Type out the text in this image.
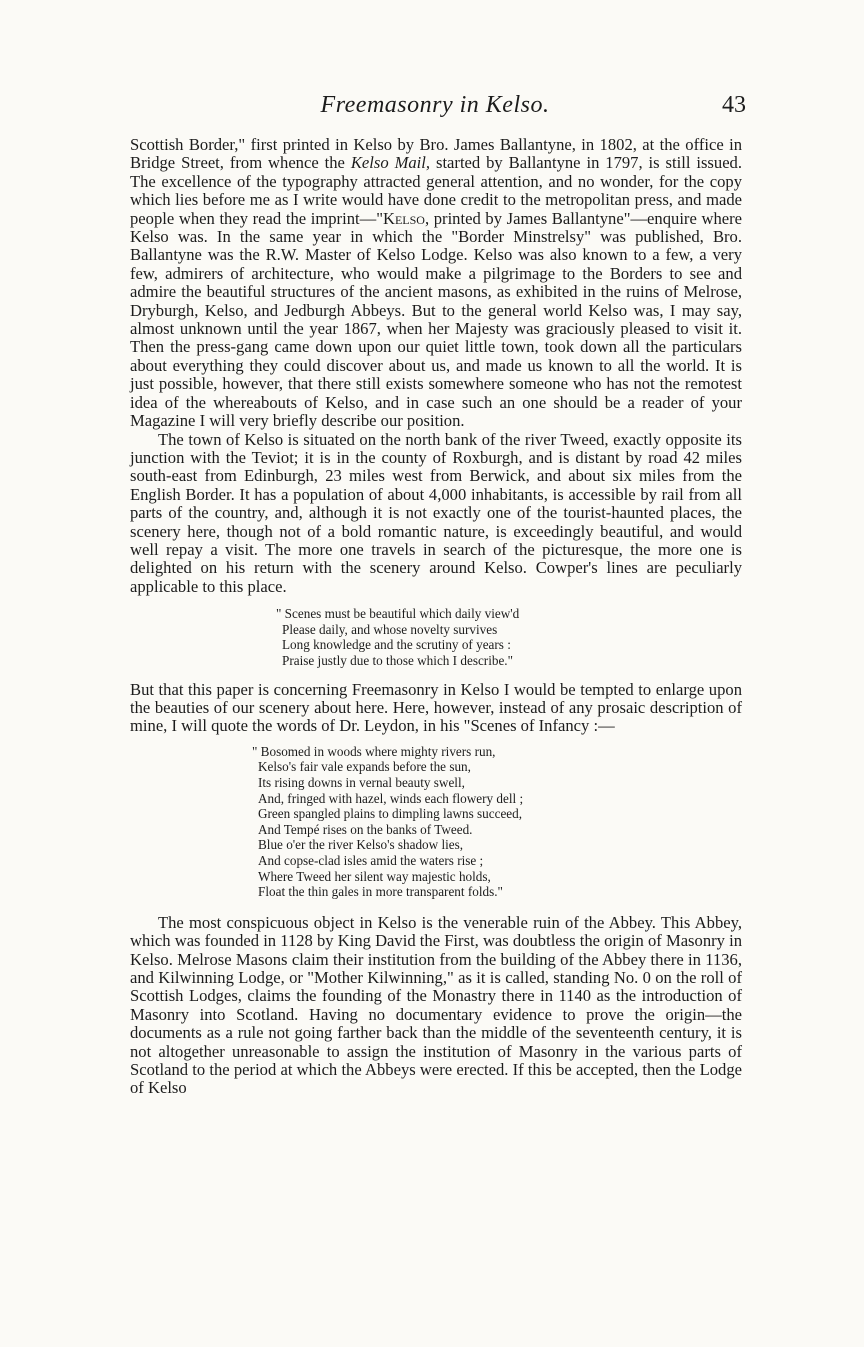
Freemasonry in Kelso.	43

Scottish Border," first printed in Kelso by Bro. James Ballantyne, in 1802, at the office in Bridge Street, from whence the Kelso Mail, started by Ballantyne in 1797, is still issued. The excellence of the typography attracted general attention, and no wonder, for the copy which lies before me as I write would have done credit to the metropolitan press, and made people when they read the imprint—"Kelso, printed by James Ballantyne"—enquire where Kelso was. In the same year in which the "Border Minstrelsy" was published, Bro. Ballantyne was the R.W. Master of Kelso Lodge. Kelso was also known to a few, a very few, admirers of architecture, who would make a pilgrimage to the Borders to see and admire the beautiful structures of the ancient masons, as exhibited in the ruins of Melrose, Dryburgh, Kelso, and Jedburgh Abbeys. But to the general world Kelso was, I may say, almost unknown until the year 1867, when her Majesty was graciously pleased to visit it. Then the press-gang came down upon our quiet little town, took down all the particulars about everything they could discover about us, and made us known to all the world. It is just possible, however, that there still exists somewhere someone who has not the remotest idea of the whereabouts of Kelso, and in case such an one should be a reader of your Magazine I will very briefly describe our position.

The town of Kelso is situated on the north bank of the river Tweed, exactly opposite its junction with the Teviot; it is in the county of Roxburgh, and is distant by road 42 miles south-east from Edinburgh, 23 miles west from Berwick, and about six miles from the English Border. It has a population of about 4,000 inhabitants, is accessible by rail from all parts of the country, and, although it is not exactly one of the tourist-haunted places, the scenery here, though not of a bold romantic nature, is exceedingly beautiful, and would well repay a visit. The more one travels in search of the picturesque, the more one is delighted on his return with the scenery around Kelso. Cowper's lines are peculiarly applicable to this place.

" Scenes must be beautiful which daily view'd
Please daily, and whose novelty survives
Long knowledge and the scrutiny of years :
Praise justly due to those which I describe."

But that this paper is concerning Freemasonry in Kelso I would be tempted to enlarge upon the beauties of our scenery about here. Here, however, instead of any prosaic description of mine, I will quote the words of Dr. Leydon, in his "Scenes of Infancy :—

" Bosomed in woods where mighty rivers run,
Kelso's fair vale expands before the sun,
Its rising downs in vernal beauty swell,
And, fringed with hazel, winds each flowery dell ;
Green spangled plains to dimpling lawns succeed,
And Tempé rises on the banks of Tweed.
Blue o'er the river Kelso's shadow lies,
And copse-clad isles amid the waters rise ;
Where Tweed her silent way majestic holds,
Float the thin gales in more transparent folds."

The most conspicuous object in Kelso is the venerable ruin of the Abbey. This Abbey, which was founded in 1128 by King David the First, was doubtless the origin of Masonry in Kelso. Melrose Masons claim their institution from the building of the Abbey there in 1136, and Kilwinning Lodge, or "Mother Kilwinning," as it is called, standing No. 0 on the roll of Scottish Lodges, claims the founding of the Monastry there in 1140 as the introduction of Masonry into Scotland. Having no documentary evidence to prove the origin—the documents as a rule not going farther back than the middle of the seventeenth century, it is not altogether unreasonable to assign the institution of Masonry in the various parts of Scotland to the period at which the Abbeys were erected. If this be accepted, then the Lodge of Kelso
